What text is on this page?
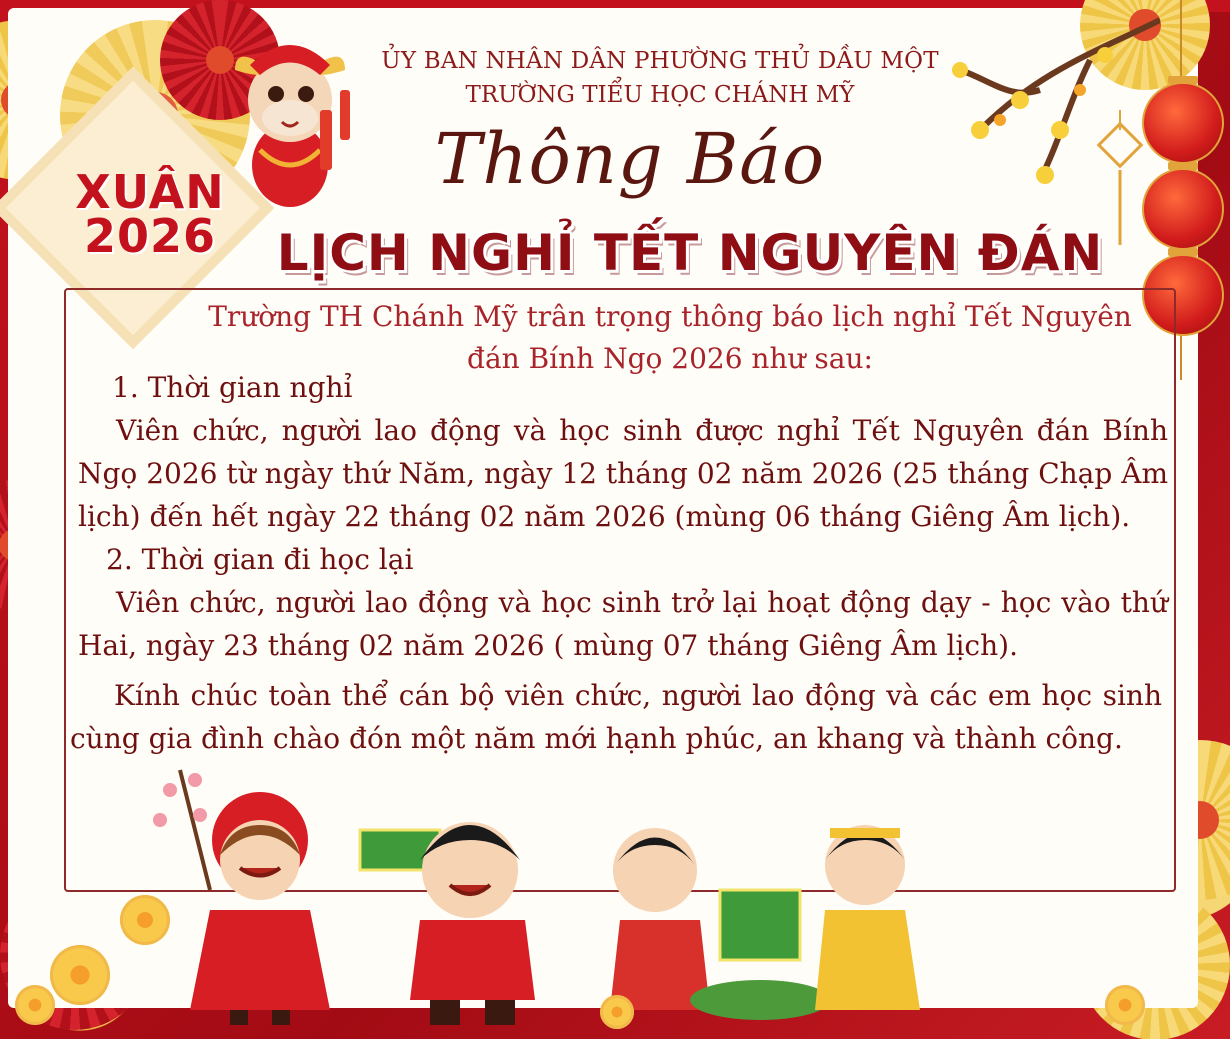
XUÂN
2026
ỦY BAN NHÂN DÂN PHƯỜNG THỦ DẦU MỘT
TRƯỜNG TIỂU HỌC CHÁNH MỸ
Thông Báo
LỊCH NGHỈ TẾT NGUYÊN ĐÁN
Trường TH Chánh Mỹ trân trọng thông báo lịch nghỉ Tết Nguyên đán Bính Ngọ 2026 như sau:
1. Thời gian nghỉ
Viên chức, người lao động và học sinh được nghỉ Tết Nguyên đán Bính Ngọ 2026 từ ngày thứ Năm, ngày 12 tháng 02 năm 2026 (25 tháng Chạp Âm lịch) đến hết ngày 22 tháng 02 năm 2026 (mùng 06 tháng Giêng Âm lịch).
2. Thời gian đi học lại
Viên chức, người lao động và học sinh trở lại hoạt động dạy - học vào thứ Hai, ngày 23 tháng 02 năm 2026 ( mùng 07 tháng Giêng Âm lịch).
Kính chúc toàn thể cán bộ viên chức, người lao động và các em học sinh cùng gia đình chào đón một năm mới hạnh phúc, an khang và thành công.
